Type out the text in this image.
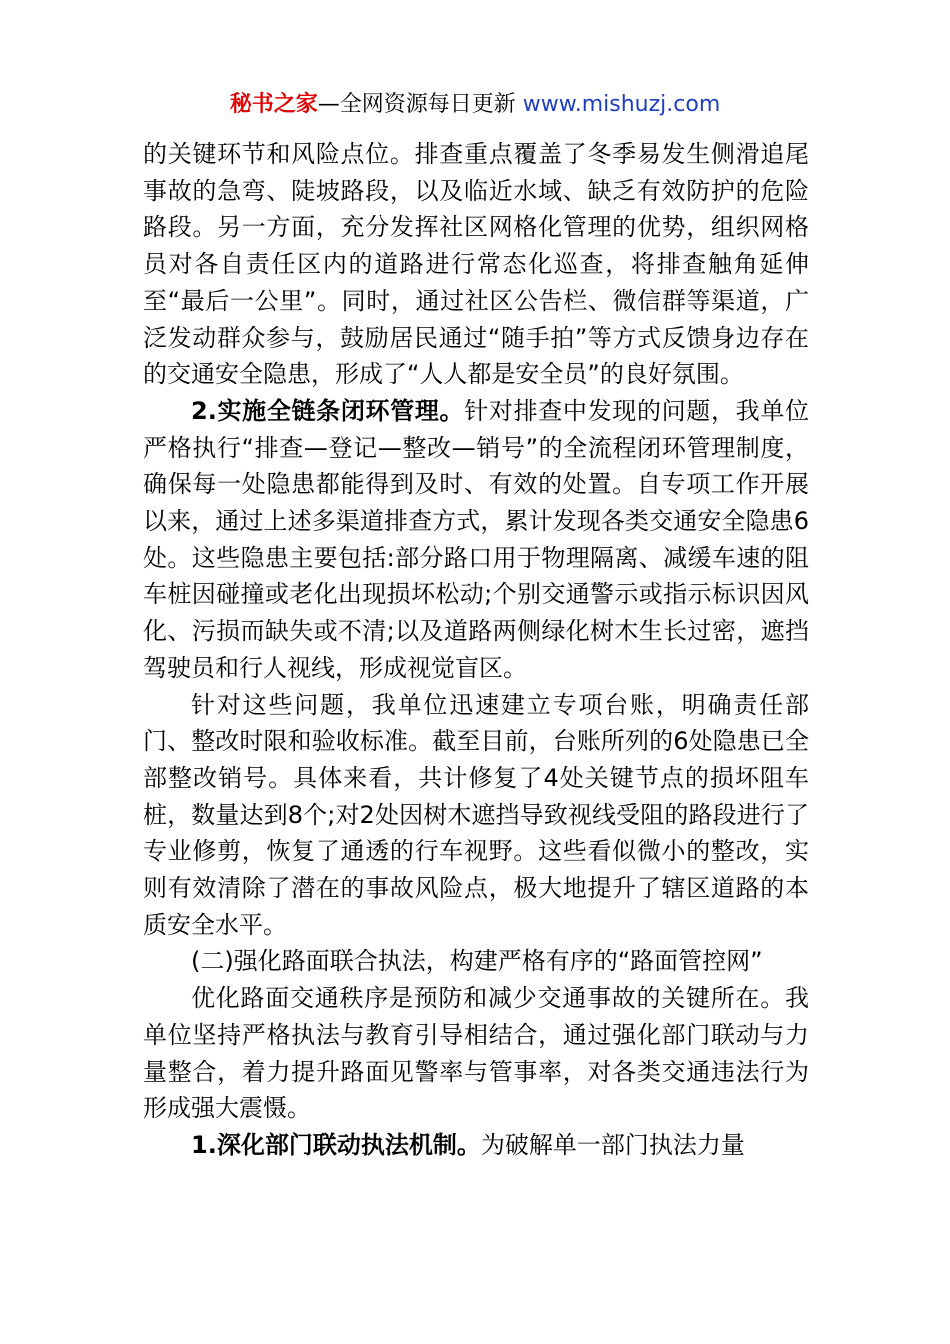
秘书之家—全网资源每日更新 www.mishuzj.com

的关键环节和风险点位。排查重点覆盖了冬季易发生侧滑追尾事故的急弯、陡坡路段，以及临近水域、缺乏有效防护的危险路段。另一方面，充分发挥社区网格化管理的优势，组织网格员对各自责任区内的道路进行常态化巡查，将排查触角延伸至“最后一公里”。同时，通过社区公告栏、微信群等渠道，广泛发动群众参与，鼓励居民通过“随手拍”等方式反馈身边存在的交通安全隐患，形成了“人人都是安全员”的良好氛围。

2.实施全链条闭环管理。针对排查中发现的问题，我单位严格执行“排查—登记—整改—销号”的全流程闭环管理制度，确保每一处隐患都能得到及时、有效的处置。自专项工作开展以来，通过上述多渠道排查方式，累计发现各类交通安全隐患6处。这些隐患主要包括:部分路口用于物理隔离、减缓车速的阻车桩因碰撞或老化出现损坏松动;个别交通警示或指示标识因风化、污损而缺失或不清;以及道路两侧绿化树木生长过密，遮挡驾驶员和行人视线，形成视觉盲区。

针对这些问题，我单位迅速建立专项台账，明确责任部门、整改时限和验收标准。截至目前，台账所列的6处隐患已全部整改销号。具体来看，共计修复了4处关键节点的损坏阻车桩，数量达到8个;对2处因树木遮挡导致视线受阻的路段进行了专业修剪，恢复了通透的行车视野。这些看似微小的整改，实则有效清除了潜在的事故风险点，极大地提升了辖区道路的本质安全水平。

(二)强化路面联合执法，构建严格有序的“路面管控网”

优化路面交通秩序是预防和减少交通事故的关键所在。我单位坚持严格执法与教育引导相结合，通过强化部门联动与力量整合，着力提升路面见警率与管事率，对各类交通违法行为形成强大震慑。

1.深化部门联动执法机制。为破解单一部门执法力量
